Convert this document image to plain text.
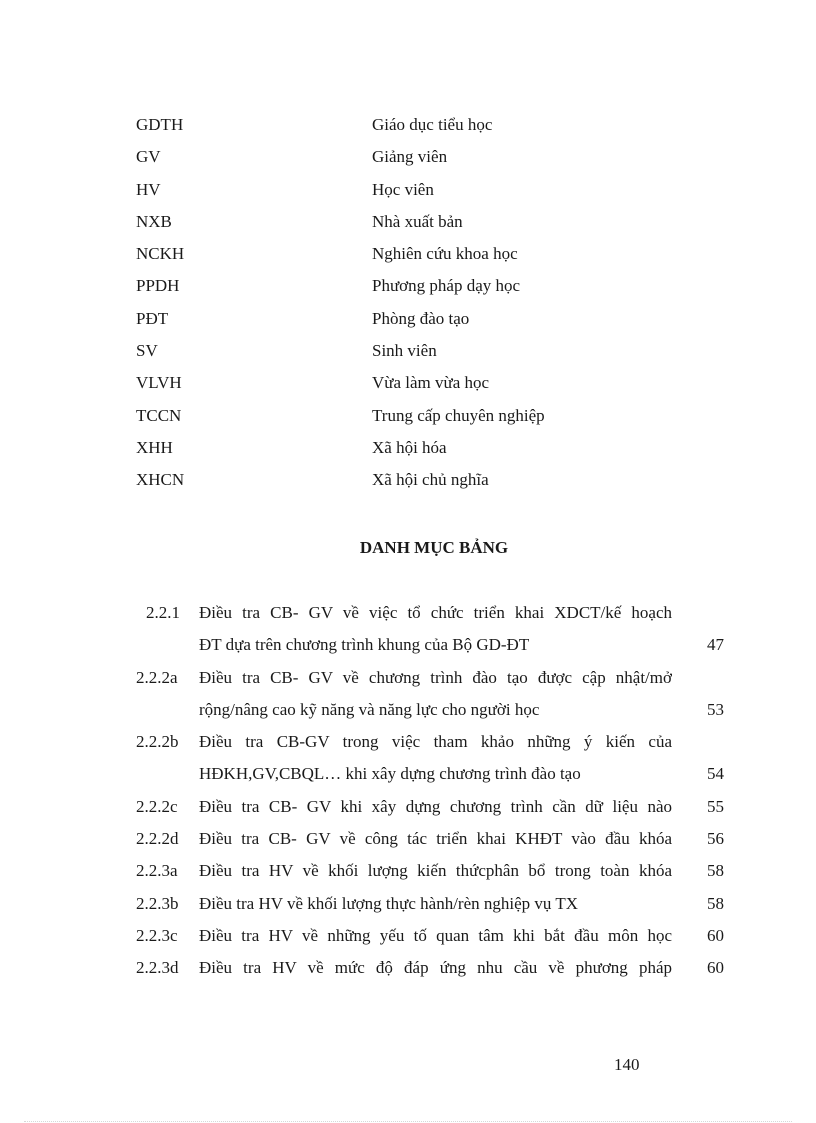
GDTH	Giáo dục tiểu học
GV	Giảng viên
HV	Học viên
NXB	Nhà xuất bản
NCKH	Nghiên cứu khoa học
PPDH	Phương pháp dạy học
PĐT	Phòng đào tạo
SV	Sinh viên
VLVH	Vừa làm vừa học
TCCN	Trung cấp chuyên nghiệp
XHH	Xã hội hóa
XHCN	Xã hội chủ nghĩa
DANH MỤC BẢNG
2.2.1 Điều tra CB- GV về việc tổ chức triển khai XDCT/kế hoạch
ĐT dựa trên chương trình khung của Bộ GD-ĐT	47
2.2.2a Điều tra CB- GV về chương trình đào tạo được cập nhật/mở
rộng/nâng cao kỹ năng và năng lực cho người học	53
2.2.2b Điều tra CB-GV trong việc tham khảo những ý kiến của
HĐKH,GV,CBQL… khi xây dựng chương trình đào tạo	54
2.2.2c Điều tra CB- GV khi xây dựng chương trình cần dữ liệu nào	55
2.2.2d Điều tra CB- GV về công tác triển khai KHĐT vào đầu khóa	56
2.2.3a Điều tra HV về khối lượng kiến thứcphân bổ trong toàn khóa	58
2.2.3b Điều tra HV về khối lượng thực hành/rèn nghiệp vụ TX	58
2.2.3c Điều tra HV về những yếu tố quan tâm khi bắt đầu môn học	60
2.2.3d Điều tra HV về mức độ đáp ứng nhu cầu về phương pháp	60
140
